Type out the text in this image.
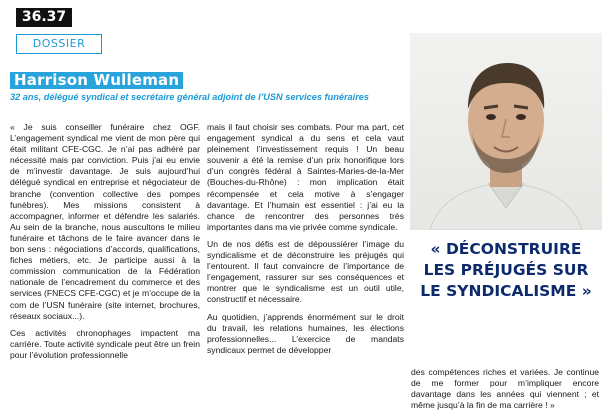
36.37
DOSSIER
Harrison Wulleman
32 ans, délégué syndical et secrétaire général adjoint de l’USN services funéraires

« Je suis conseiller funéraire chez OGF. L’engagement syndical me vient de mon père qui était militant CFE-CGC. Je n’ai pas adhéré par nécessité mais par conviction. Puis j’ai eu envie de m’investir davantage. Je suis aujourd’hui délégué syndical en entreprise et négociateur de branche (convention collective des pompes funèbres). Mes missions consistent à accompagner, informer et défendre les salariés. Au sein de la branche, nous auscultons le milieu funéraire et tâchons de le faire avancer dans le bon sens : négociations d’accords, qualifications, fiches métiers, etc. Je participe aussi à la commission communication de la Fédération nationale de l’encadrement du commerce et des services (FNECS CFE-CGC) et je m’occupe de la com de l’USN funéraire (site internet, brochures, réseaux sociaux...).

Ces activités chronophages impactent ma carrière. Toute activité syndicale peut être un frein pour l’évolution professionnelle

mais il faut choisir ses combats. Pour ma part, cet engagement syndical a du sens et cela vaut pleinement l’investissement requis ! Un beau souvenir a été la remise d’un prix honorifique lors d’un congrès fédéral à Saintes-Maries-de-la-Mer (Bouches-du-Rhône) : mon implication était récompensée et cela motive à s’engager davantage. Et l’humain est essentiel : j’ai eu la chance de rencontrer des personnes très importantes dans ma vie privée comme syndicale.

Un de nos défis est de dépoussiérer l’image du syndicalisme et de déconstruire les préjugés qui l’entourent. Il faut convaincre de l’importance de l’engagement, rassurer sur ses conséquences et montrer que le syndicalisme est un outil utile, constructif et nécessaire.

Au quotidien, j’apprends énormément sur le droit du travail, les relations humaines, les élections professionnelles... L’exercice de mandats syndicaux permet de développer

« DÉCONSTRUIRE
LES PRÉJUGÉS SUR
LE SYNDICALISME »

des compétences riches et variées. Je continue de me former pour m’impliquer encore davantage dans les années qui viennent ; et même jusqu’à la fin de ma carrière ! »
